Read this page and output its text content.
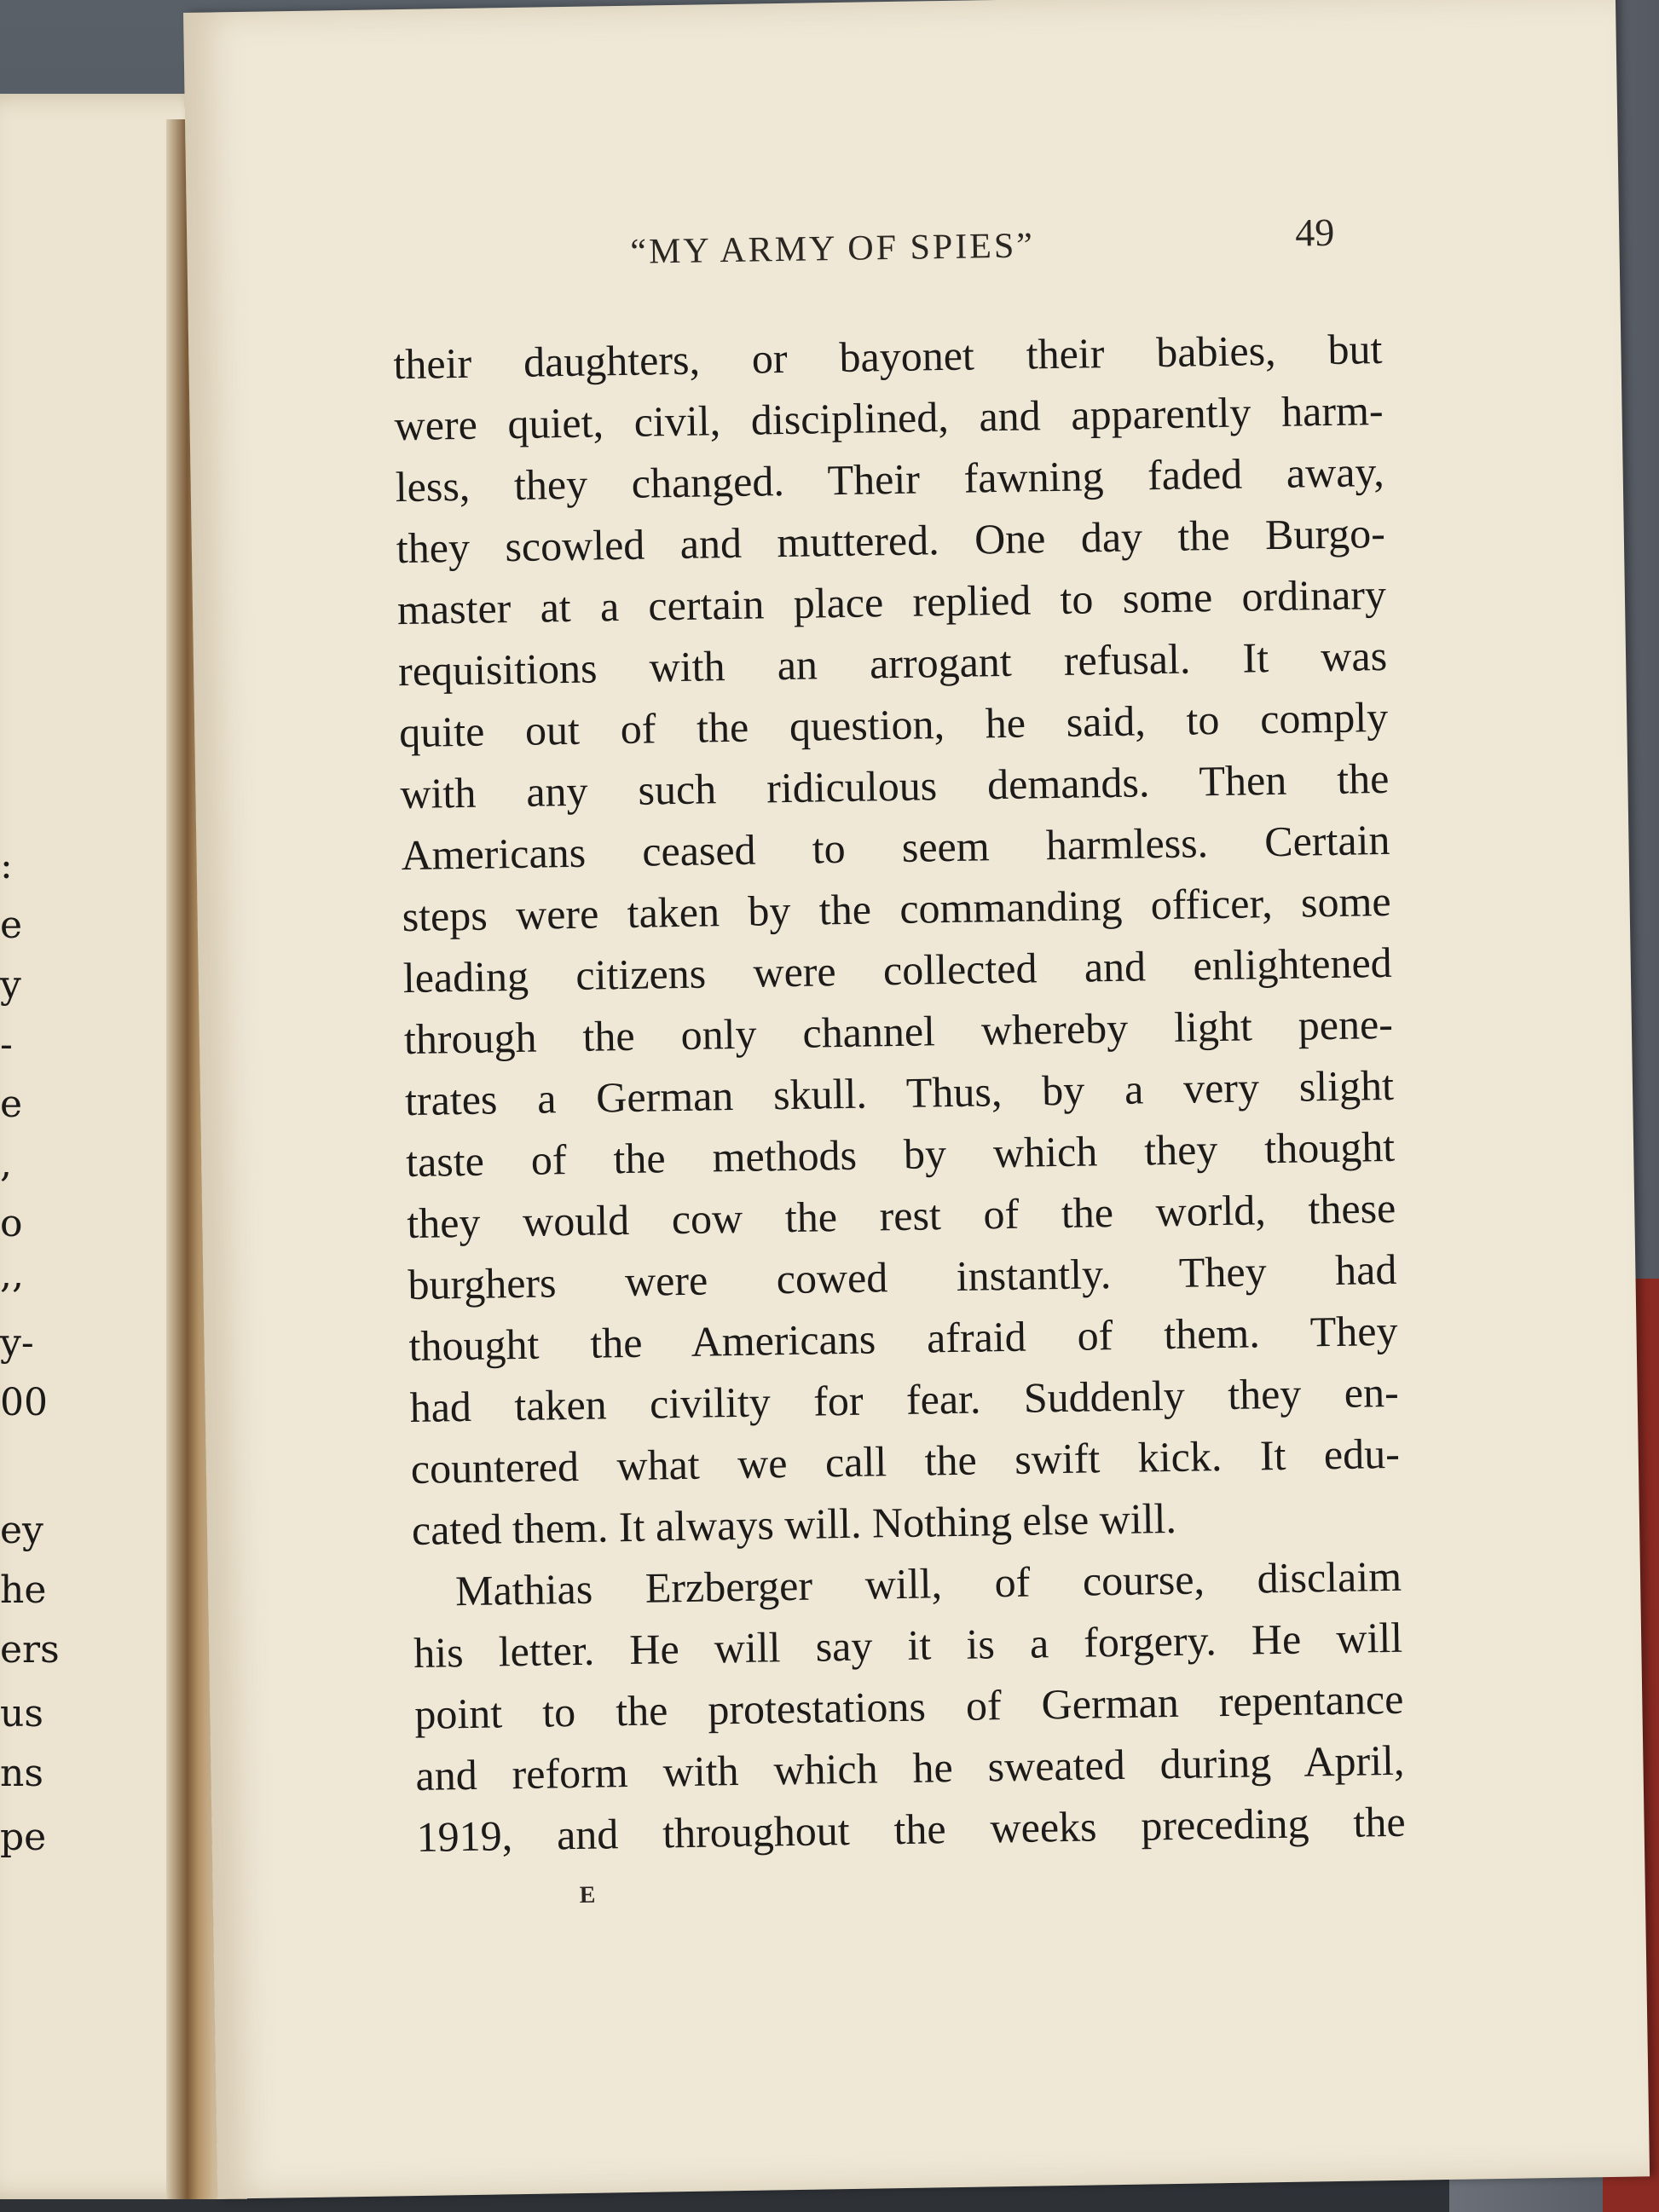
:
e
y
-
e
,
o
,,
y-
00
ey
he
ers
us
ns
pe
“MY ARMY OF SPIES”	49
their daughters, or bayonet their babies, but
were quiet, civil, disciplined, and apparently harm-
less, they changed. Their fawning faded away,
they scowled and muttered. One day the Burgo-
master at a certain place replied to some ordinary
requisitions with an arrogant refusal. It was
quite out of the question, he said, to comply
with any such ridiculous demands. Then the
Americans ceased to seem harmless. Certain
steps were taken by the commanding officer, some
leading citizens were collected and enlightened
through the only channel whereby light pene-
trates a German skull. Thus, by a very slight
taste of the methods by which they thought
they would cow the rest of the world, these
burghers were cowed instantly. They had
thought the Americans afraid of them. They
had taken civility for fear. Suddenly they en-
countered what we call the swift kick. It edu-
cated them. It always will. Nothing else will.
Mathias Erzberger will, of course, disclaim
his letter. He will say it is a forgery. He will
point to the protestations of German repentance
and reform with which he sweated during April,
1919, and throughout the weeks preceding the
E
